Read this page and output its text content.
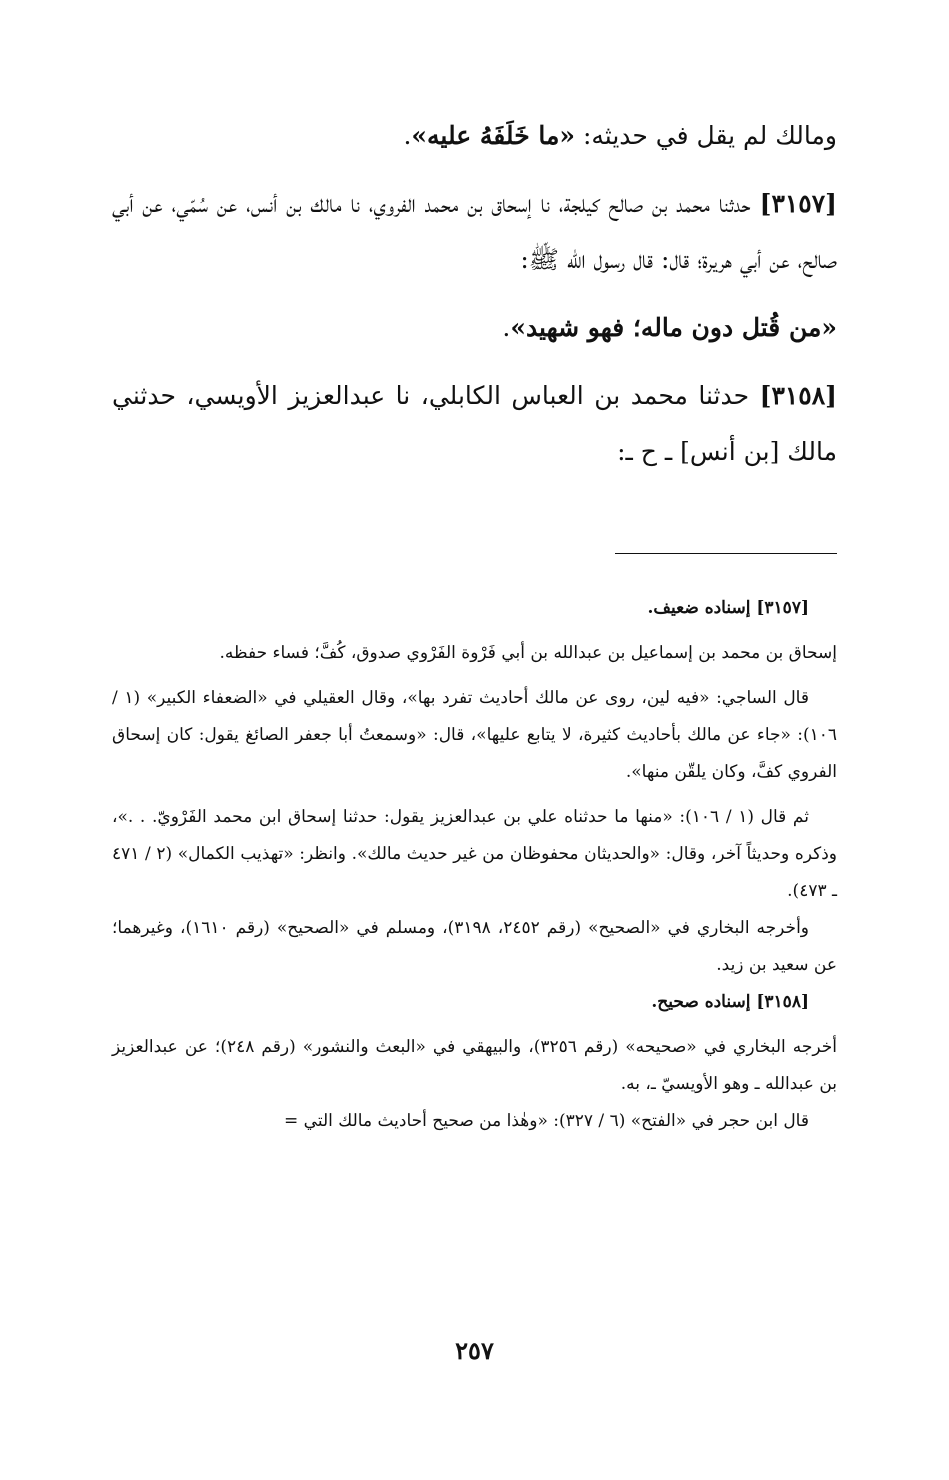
ومالك لم يقل في حديثه: «ما خَلَفَهُ عليه».

[٣١٥٧] حدثنا محمد بن صالح كيلجة، نا إسحاق بن محمد الفروي، نا مالك بن أنس، عن سُمّي، عن أبي صالح، عن أبي هريرة؛ قال: قال رسول الله ﷺ:

«من قُتل دون ماله؛ فهو شهيد».

[٣١٥٨] حدثنا محمد بن العباس الكابلي، نا عبدالعزيز الأويسي، حدثني مالك [بن أنس] ـ ح ـ:

[٣١٥٧] إسناده ضعيف.

إسحاق بن محمد بن إسماعيل بن عبدالله بن أبي فَرْوة الفَرْوي صدوق، كُفَّ؛ فساء حفظه.

قال الساجي: «فيه لين، روى عن مالك أحاديث تفرد بها»، وقال العقيلي في «الضعفاء الكبير» (١ / ١٠٦): «جاء عن مالك بأحاديث كثيرة، لا يتابع عليها»، قال: «وسمعتُ أبا جعفر الصائغ يقول: كان إسحاق الفروي كفَّ، وكان يلقّن منها».

ثم قال (١ / ١٠٦): «منها ما حدثناه علي بن عبدالعزيز يقول: حدثنا إسحاق ابن محمد الفَرْويّ. . .»، وذكره وحديثاً آخر، وقال: «والحديثان محفوظان من غير حديث مالك». وانظر: «تهذيب الكمال» (٢ / ٤٧١ ـ ٤٧٣).

وأخرجه البخاري في «الصحيح» (رقم ٢٤٥٢، ٣١٩٨)، ومسلم في «الصحيح» (رقم ١٦١٠)، وغيرهما؛ عن سعيد بن زيد.

[٣١٥٨] إسناده صحيح.

أخرجه البخاري في «صحيحه» (رقم ٣٢٥٦)، والبيهقي في «البعث والنشور» (رقم ٢٤٨)؛ عن عبدالعزيز بن عبدالله ـ وهو الأويسيّ ـ، به.

قال ابن حجر في «الفتح» (٦ / ٣٢٧): «وهٰذا من صحيح أحاديث مالك التي =

٢٥٧
